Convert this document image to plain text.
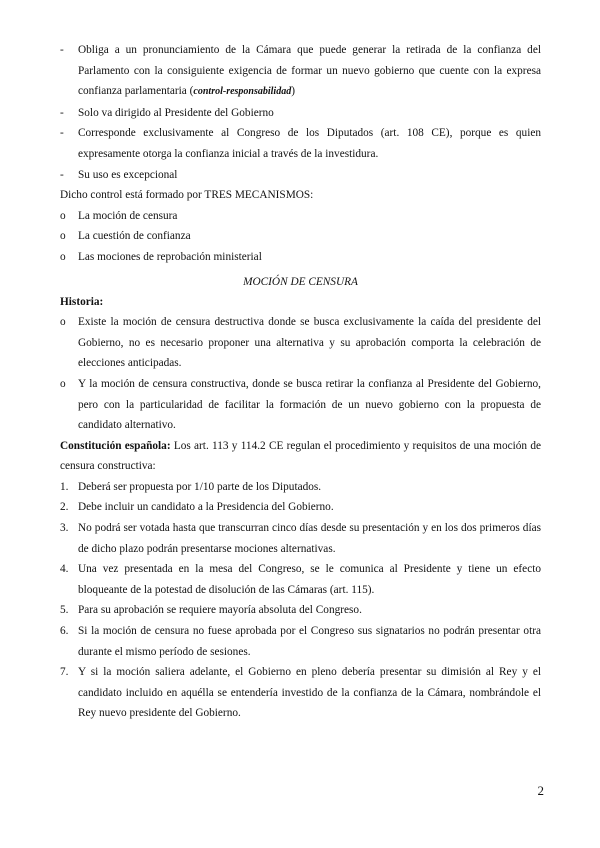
- Obliga a un pronunciamiento de la Cámara que puede generar la retirada de la confianza del Parlamento con la consiguiente exigencia de formar un nuevo gobierno que cuente con la expresa confianza parlamentaria (control-responsabilidad)
- Solo va dirigido al Presidente del Gobierno
- Corresponde exclusivamente al Congreso de los Diputados (art. 108 CE), porque es quien expresamente otorga la confianza inicial a través de la investidura.
- Su uso es excepcional
Dicho control está formado por TRES MECANISMOS:
o La moción de censura
o La cuestión de confianza
o Las mociones de reprobación ministerial
MOCIÓN DE CENSURA
Historia:
o Existe la moción de censura destructiva donde se busca exclusivamente la caída del presidente del Gobierno, no es necesario proponer una alternativa y su aprobación comporta la celebración de elecciones anticipadas.
o Y la moción de censura constructiva, donde se busca retirar la confianza al Presidente del Gobierno, pero con la particularidad de facilitar la formación de un nuevo gobierno con la propuesta de candidato alternativo.
Constitución española: Los art. 113 y 114.2 CE regulan el procedimiento y requisitos de una moción de censura constructiva:
1. Deberá ser propuesta por 1/10 parte de los Diputados.
2. Debe incluir un candidato a la Presidencia del Gobierno.
3. No podrá ser votada hasta que transcurran cinco días desde su presentación y en los dos primeros días de dicho plazo podrán presentarse mociones alternativas.
4. Una vez presentada en la mesa del Congreso, se le comunica al Presidente y tiene un efecto bloqueante de la potestad de disolución de las Cámaras (art. 115).
5. Para su aprobación se requiere mayoría absoluta del Congreso.
6. Si la moción de censura no fuese aprobada por el Congreso sus signatarios no podrán presentar otra durante el mismo período de sesiones.
7. Y si la moción saliera adelante, el Gobierno en pleno debería presentar su dimisión al Rey y el candidato incluido en aquélla se entendería investido de la confianza de la Cámara, nombrándole el Rey nuevo presidente del Gobierno.
2
